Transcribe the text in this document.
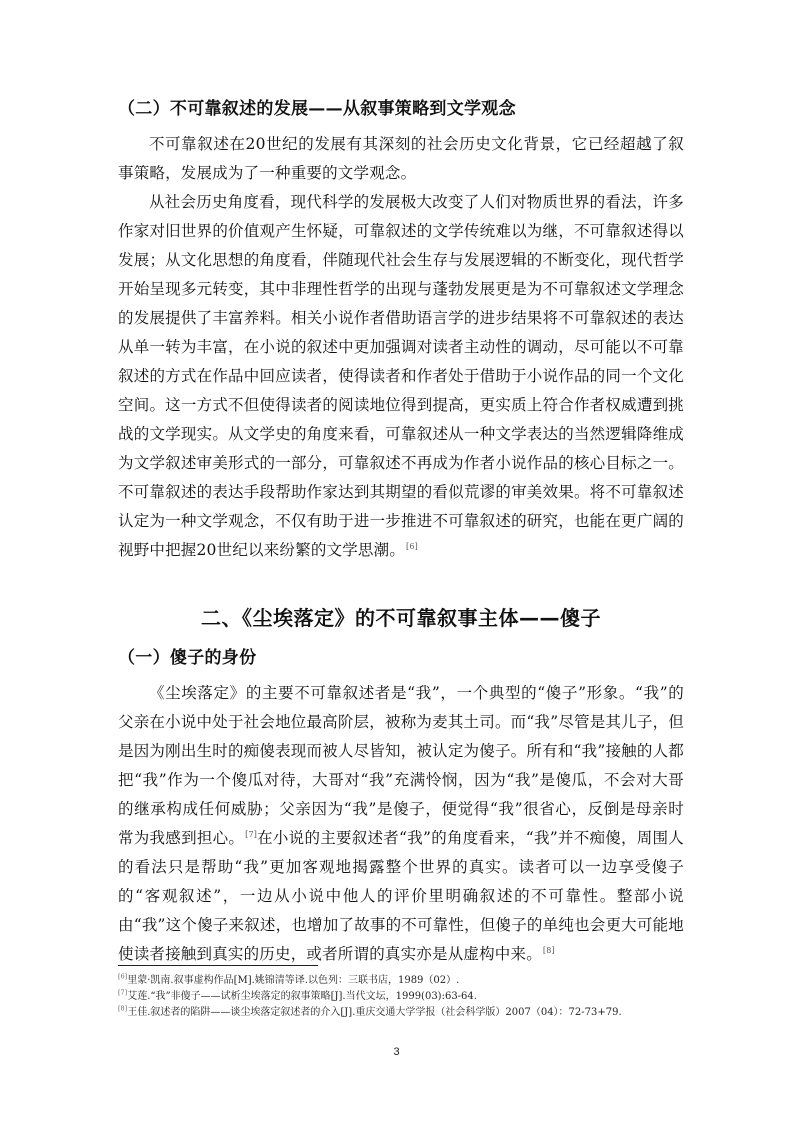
（二）不可靠叙述的发展——从叙事策略到文学观念

不可靠叙述在20世纪的发展有其深刻的社会历史文化背景，它已经超越了叙事策略，发展成为了一种重要的文学观念。

从社会历史角度看，现代科学的发展极大改变了人们对物质世界的看法，许多作家对旧世界的价值观产生怀疑，可靠叙述的文学传统难以为继，不可靠叙述得以发展；从文化思想的角度看，伴随现代社会生存与发展逻辑的不断变化，现代哲学开始呈现多元转变，其中非理性哲学的出现与蓬勃发展更是为不可靠叙述文学理念的发展提供了丰富养料。相关小说作者借助语言学的进步结果将不可靠叙述的表达从单一转为丰富，在小说的叙述中更加强调对读者主动性的调动，尽可能以不可靠叙述的方式在作品中回应读者，使得读者和作者处于借助于小说作品的同一个文化空间。这一方式不但使得读者的阅读地位得到提高，更实质上符合作者权威遭到挑战的文学现实。从文学史的角度来看，可靠叙述从一种文学表达的当然逻辑降维成为文学叙述审美形式的一部分，可靠叙述不再成为作者小说作品的核心目标之一。不可靠叙述的表达手段帮助作家达到其期望的看似荒谬的审美效果。将不可靠叙述认定为一种文学观念，不仅有助于进一步推进不可靠叙述的研究，也能在更广阔的视野中把握20世纪以来纷繁的文学思潮。[6]

二、《尘埃落定》的不可靠叙事主体——傻子
（一）傻子的身份

《尘埃落定》的主要不可靠叙述者是“我”，一个典型的“傻子”形象。“我”的父亲在小说中处于社会地位最高阶层，被称为麦其土司。而“我”尽管是其儿子，但是因为刚出生时的痴傻表现而被人尽皆知，被认定为傻子。所有和“我”接触的人都把“我”作为一个傻瓜对待，大哥对“我”充满怜悯，因为“我”是傻瓜，不会对大哥的继承构成任何威胁；父亲因为“我”是傻子，便觉得“我”很省心，反倒是母亲时常为我感到担心。[7]在小说的主要叙述者“我”的角度看来，“我”并不痴傻，周围人的看法只是帮助“我”更加客观地揭露整个世界的真实。读者可以一边享受傻子的“客观叙述”，一边从小说中他人的评价里明确叙述的不可靠性。整部小说由“我”这个傻子来叙述，也增加了故事的不可靠性，但傻子的单纯也会更大可能地使读者接触到真实的历史，或者所谓的真实亦是从虚构中来。[8]

[6]里蒙·凯南.叙事虚构作品[M].姚锦清等译.以色列：三联书店，1989（02）.

[7]艾莲.“我”非傻子——试析尘埃落定的叙事策略[J].当代文坛，1999(03):63-64.

[8]王佳.叙述者的陷阱——谈尘埃落定叙述者的介入[J].重庆交通大学学报（社会科学版）2007（04）：72-73+79.

3
